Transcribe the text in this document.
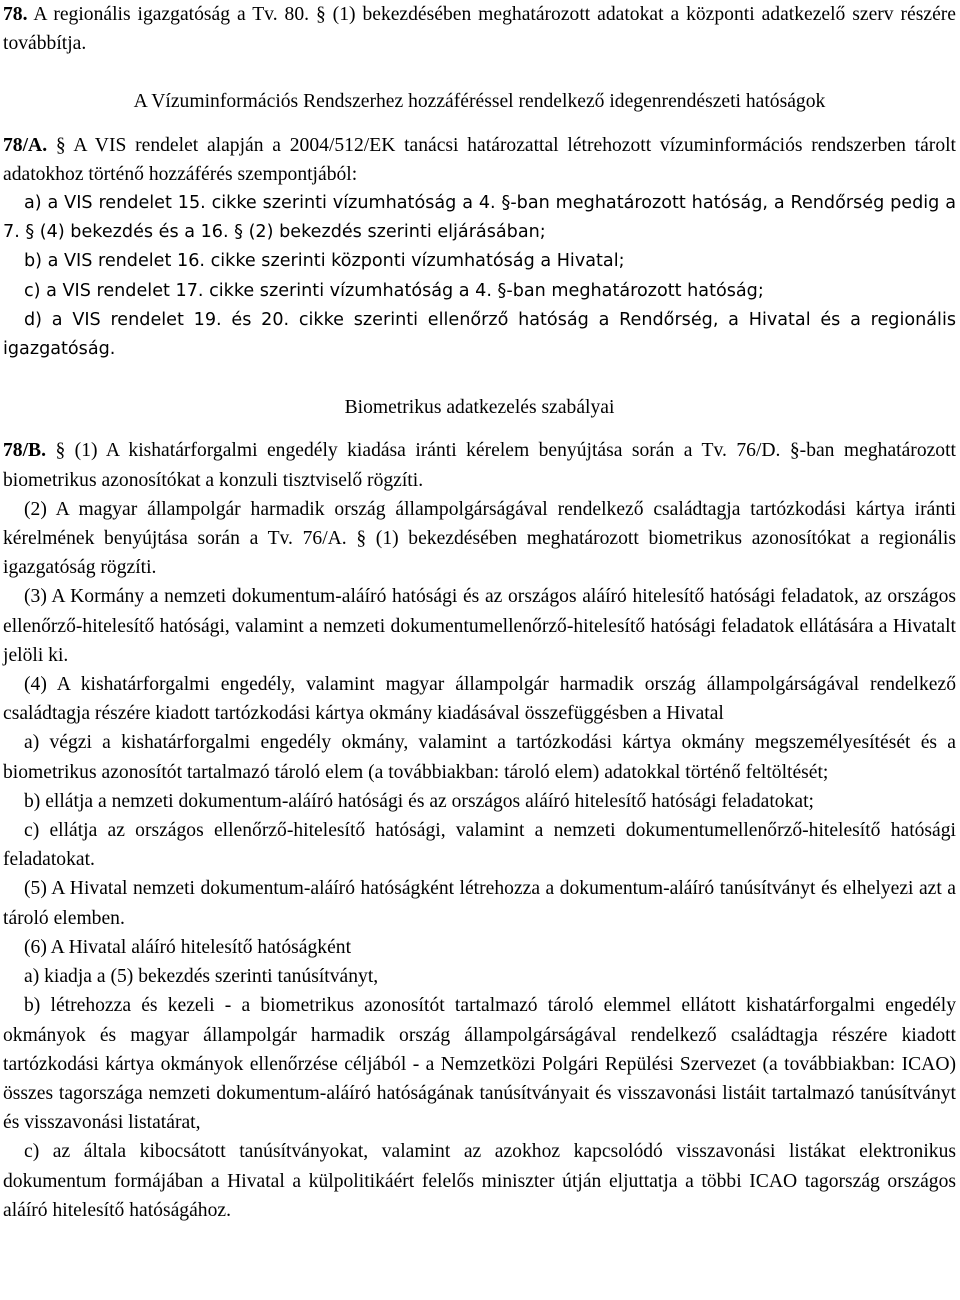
78. A regionális igazgatóság a Tv. 80. § (1) bekezdésében meghatározott adatokat a központi adatkezelő szerv részére továbbítja.

A Vízuminformációs Rendszerhez hozzáféréssel rendelkező idegenrendészeti hatóságok

78/A. § A VIS rendelet alapján a 2004/512/EK tanácsi határozattal létrehozott vízuminformációs rendszerben tárolt adatokhoz történő hozzáférés szempontjából:

a) a VIS rendelet 15. cikke szerinti vízumhatóság a 4. §-ban meghatározott hatóság, a Rendőrség pedig a 7. § (4) bekezdés és a 16. § (2) bekezdés szerinti eljárásában;

b) a VIS rendelet 16. cikke szerinti központi vízumhatóság a Hivatal;

c) a VIS rendelet 17. cikke szerinti vízumhatóság a 4. §-ban meghatározott hatóság;

d) a VIS rendelet 19. és 20. cikke szerinti ellenőrző hatóság a Rendőrség, a Hivatal és a regionális igazgatóság.

Biometrikus adatkezelés szabályai

78/B. § (1) A kishatárforgalmi engedély kiadása iránti kérelem benyújtása során a Tv. 76/D. §-ban meghatározott biometrikus azonosítókat a konzuli tisztviselő rögzíti.

(2) A magyar állampolgár harmadik ország állampolgárságával rendelkező családtagja tartózkodási kártya iránti kérelmének benyújtása során a Tv. 76/A. § (1) bekezdésében meghatározott biometrikus azonosítókat a regionális igazgatóság rögzíti.

(3) A Kormány a nemzeti dokumentum-aláíró hatósági és az országos aláíró hitelesítő hatósági feladatok, az országos ellenőrző-hitelesítő hatósági, valamint a nemzeti dokumentumellenőrző-hitelesítő hatósági feladatok ellátására a Hivatalt jelöli ki.

(4) A kishatárforgalmi engedély, valamint magyar állampolgár harmadik ország állampolgárságával rendelkező családtagja részére kiadott tartózkodási kártya okmány kiadásával összefüggésben a Hivatal

a) végzi a kishatárforgalmi engedély okmány, valamint a tartózkodási kártya okmány megszemélyesítését és a biometrikus azonosítót tartalmazó tároló elem (a továbbiakban: tároló elem) adatokkal történő feltöltését;

b) ellátja a nemzeti dokumentum-aláíró hatósági és az országos aláíró hitelesítő hatósági feladatokat;

c) ellátja az országos ellenőrző-hitelesítő hatósági, valamint a nemzeti dokumentumellenőrző-hitelesítő hatósági feladatokat.

(5) A Hivatal nemzeti dokumentum-aláíró hatóságként létrehozza a dokumentum-aláíró tanúsítványt és elhelyezi azt a tároló elemben.

(6) A Hivatal aláíró hitelesítő hatóságként

a) kiadja a (5) bekezdés szerinti tanúsítványt,

b) létrehozza és kezeli - a biometrikus azonosítót tartalmazó tároló elemmel ellátott kishatárforgalmi engedély okmányok és magyar állampolgár harmadik ország állampolgárságával rendelkező családtagja részére kiadott tartózkodási kártya okmányok ellenőrzése céljából - a Nemzetközi Polgári Repülési Szervezet (a továbbiakban: ICAO) összes tagországa nemzeti dokumentum-aláíró hatóságának tanúsítványait és visszavonási listáit tartalmazó tanúsítványt és visszavonási listatárat,

c) az általa kibocsátott tanúsítványokat, valamint az azokhoz kapcsolódó visszavonási listákat elektronikus dokumentum formájában a Hivatal a külpolitikáért felelős miniszter útján eljuttatja a többi ICAO tagország országos aláíró hitelesítő hatóságához.
